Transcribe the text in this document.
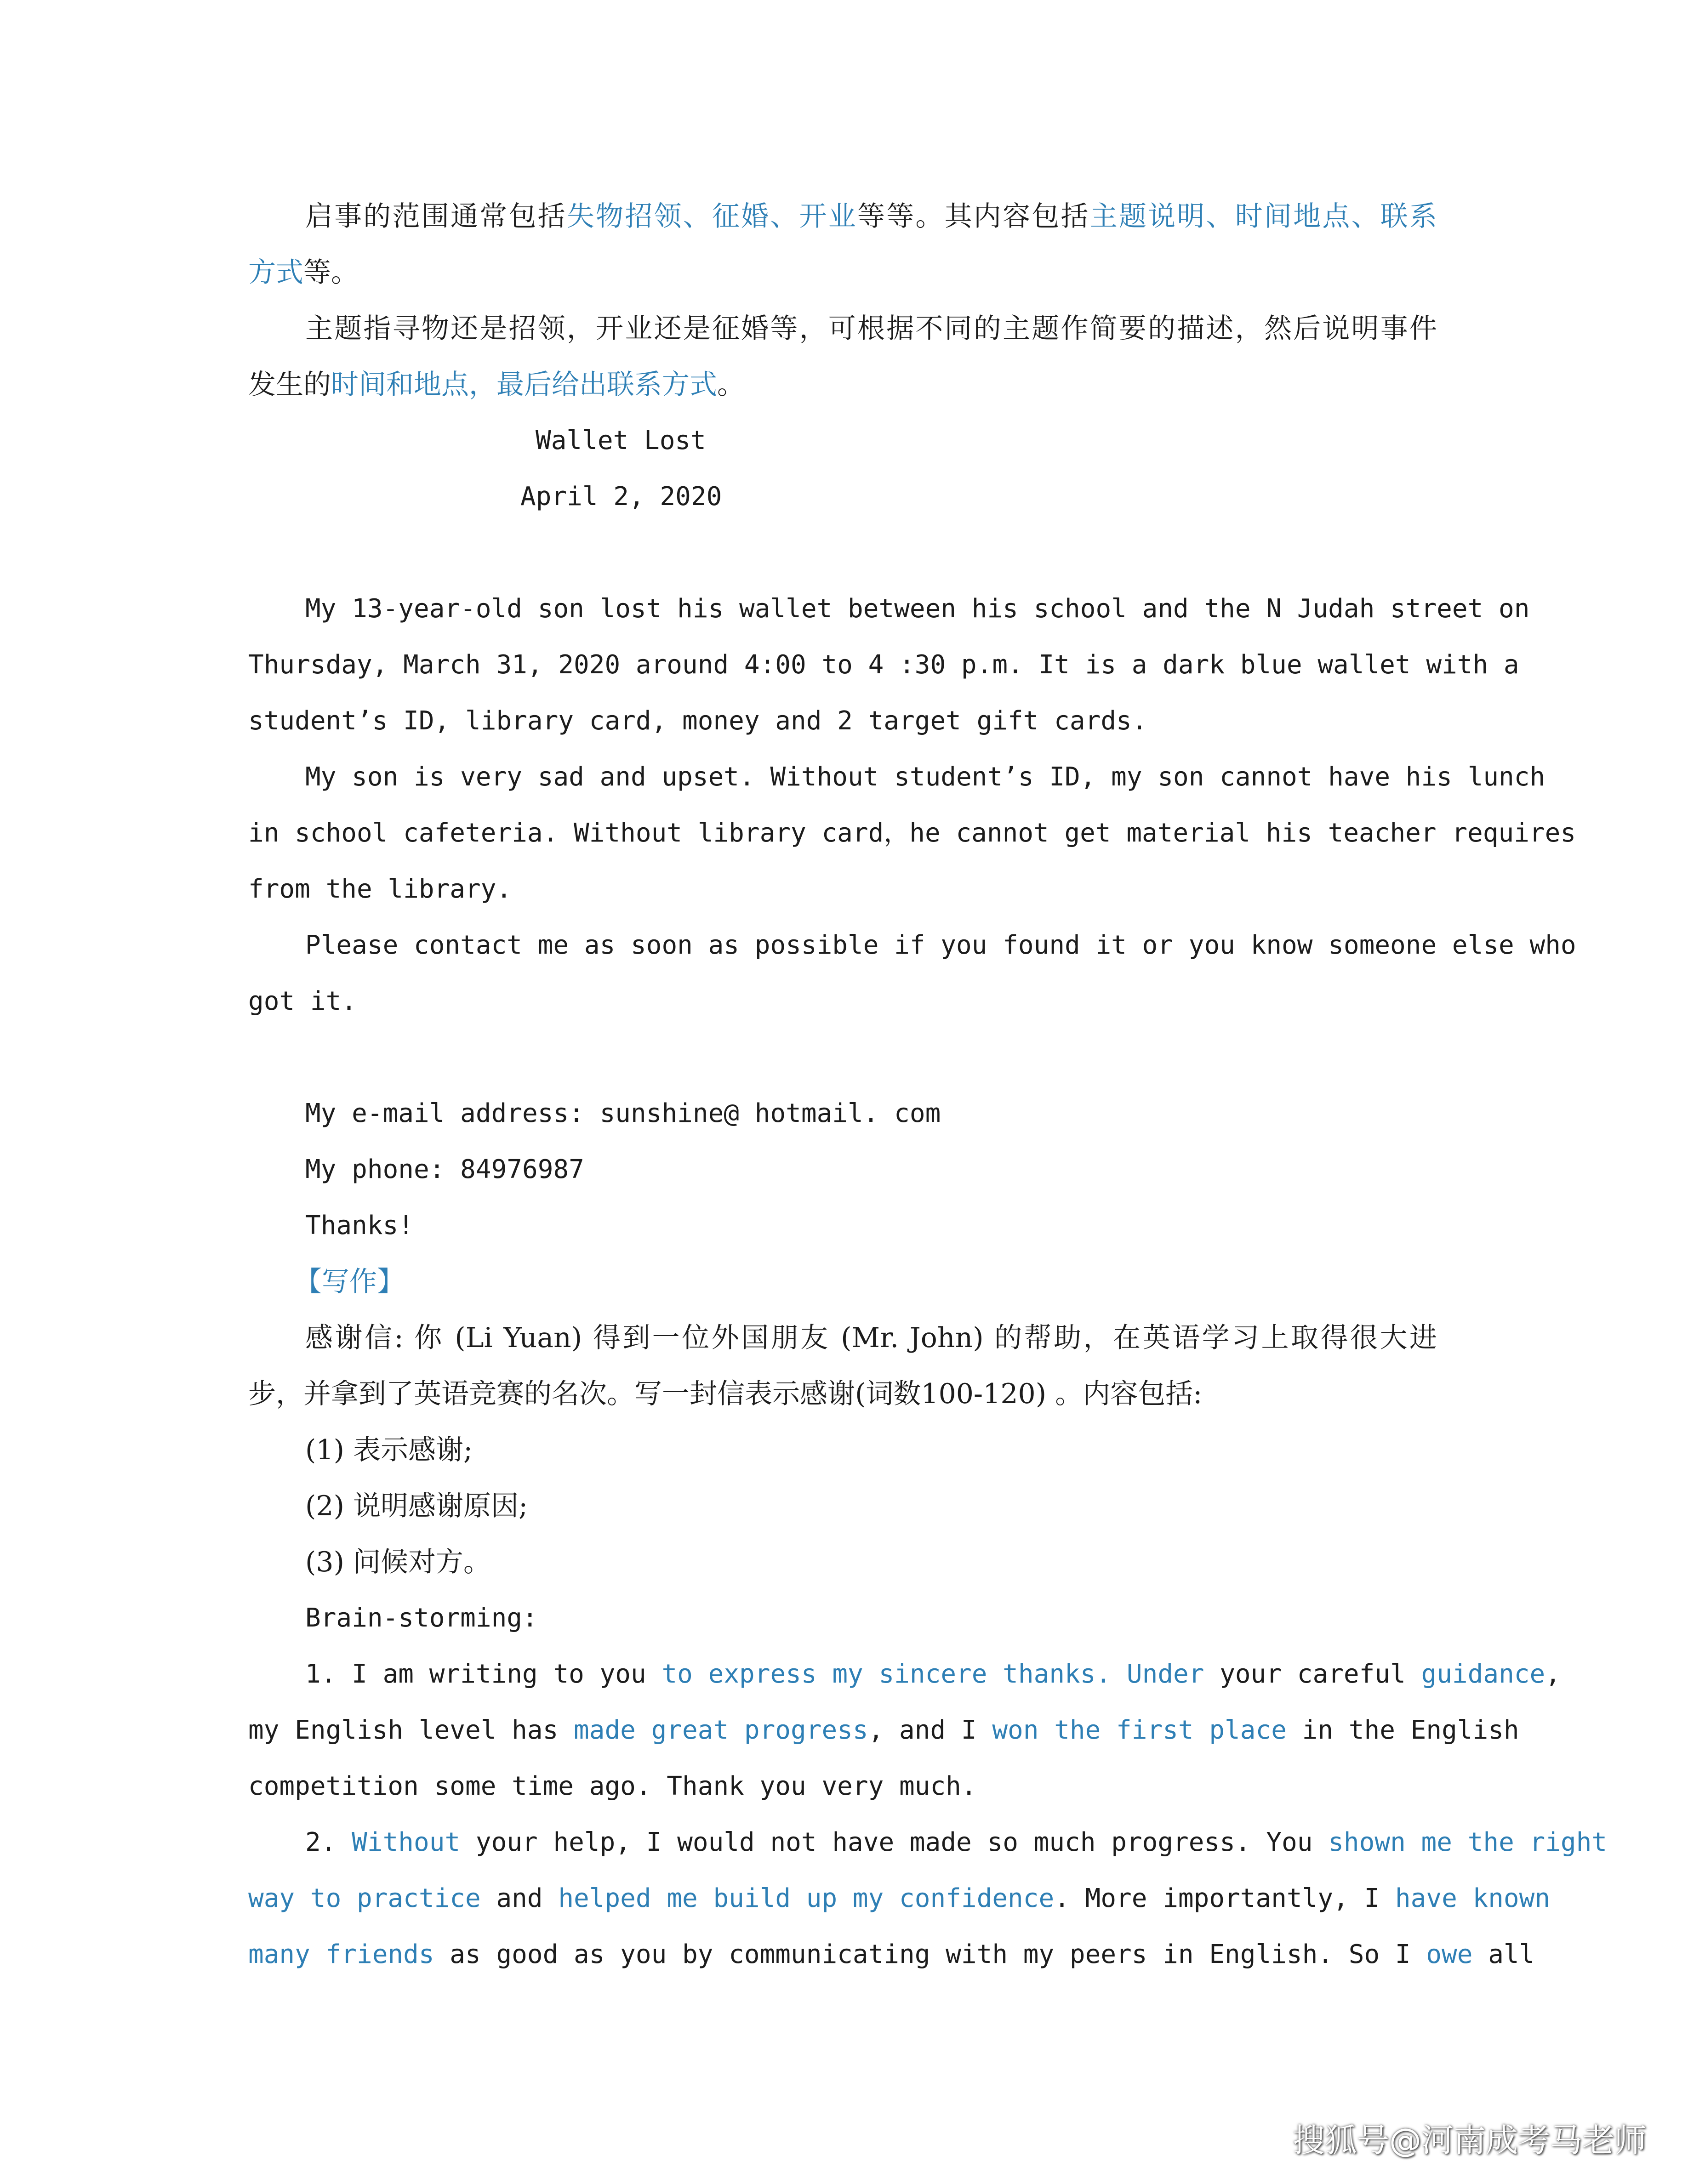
启事的范围通常包括失物招领、征婚、开业等等。其内容包括主题说明、时间地点、联系
方式等。
主题指寻物还是招领，开业还是征婚等，可根据不同的主题作简要的描述，然后说明事件
发生的时间和地点，最后给出联系方式。
Wallet Lost
April 2, 2020
My 13-year-old son lost his wallet between his school and the N Judah street on
Thursday, March 31, 2020 around 4:00 to 4 :30 p.m. It is a dark blue wallet with a
student’s ID, library card, money and 2 target gift cards.
My son is very sad and upset. Without student’s ID, my son cannot have his lunch
in school cafeteria. Without library card，he cannot get material his teacher requires
from the library.
Please contact me as soon as possible if you found it or you know someone else who
got it.
My e-mail address: sunshine@ hotmail. com
My phone: 84976987
Thanks!
【写作】
感谢信: 你 (Li Yuan) 得到一位外国朋友 (Mr. John) 的帮助，在英语学习上取得很大进
步，并拿到了英语竞赛的名次。写一封信表示感谢(词数100-120) 。内容包括:
(1) 表示感谢;
(2) 说明感谢原因;
(3) 问候对方。
Brain-storming:
1. I am writing to you to express my sincere thanks. Under your careful guidance,
my English level has made great progress, and I won the first place in the English
competition some time ago. Thank you very much.
2. Without your help, I would not have made so much progress. You shown me the right
way to practice and helped me build up my confidence. More importantly, I have known
many friends as good as you by communicating with my peers in English. So I owe all
搜狐号@河南成考马老师
